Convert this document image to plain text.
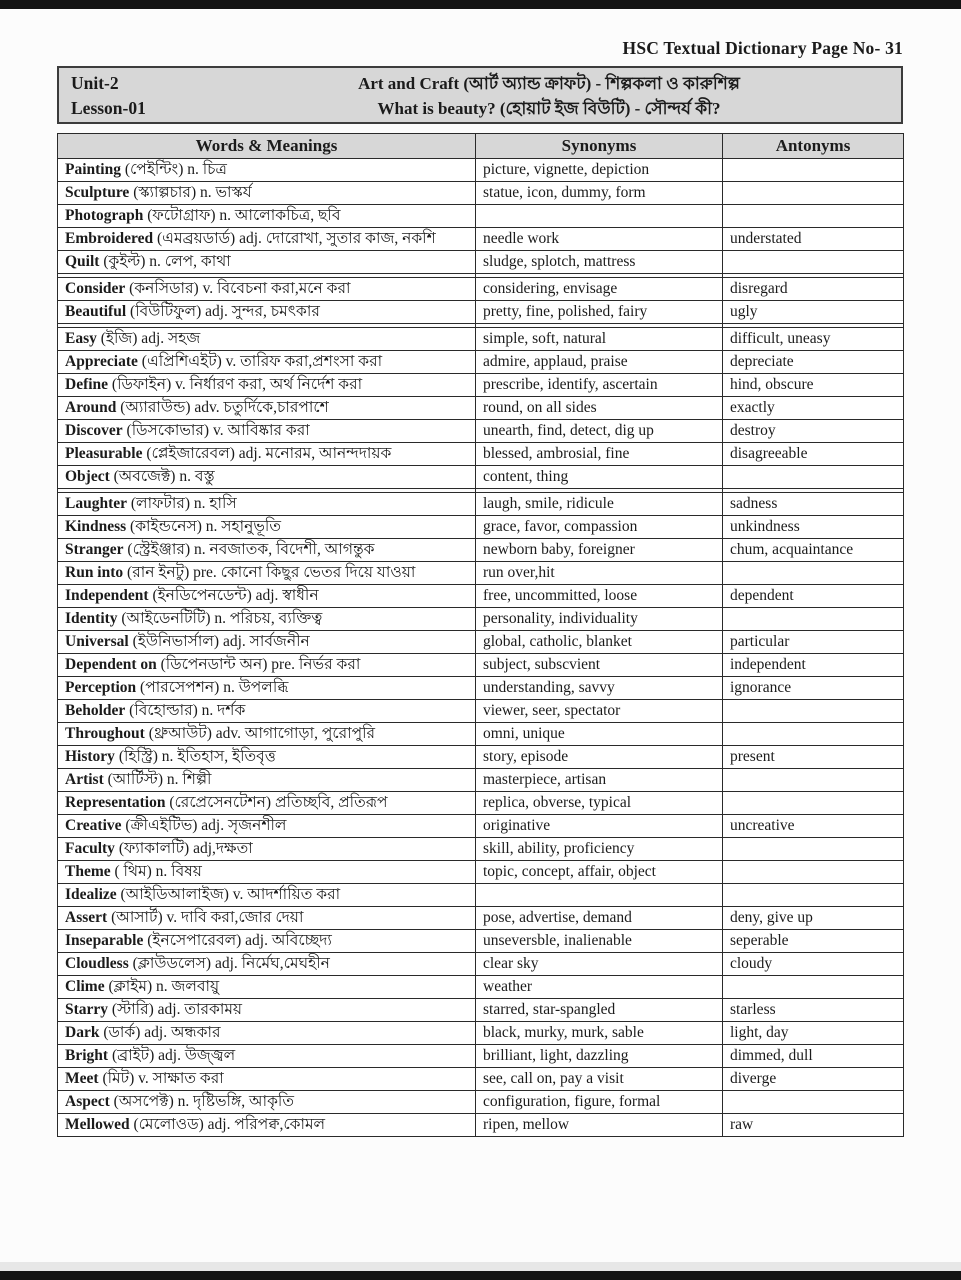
HSC Textual Dictionary Page No- 31
Unit-2
Lesson-01
Art and Craft (আর্ট অ্যান্ড ক্রাফট) - শিল্পকলা ও কারুশিল্প
What is beauty? (হোয়াট ইজ বিউটি) - সৌন্দর্য কী?
Words & Meanings	Synonyms	Antonyms
Painting (পেইন্টিং) n. চিত্র	picture, vignette, depiction	
Sculpture (স্ক্যাল্পচার) n. ভাস্কর্য	statue, icon, dummy, form	
Photograph (ফটোগ্রাফ) n. আলোকচিত্র, ছবি		
Embroidered (এমব্রয়ডার্ড) adj. দোরোখা, সুতার কাজ, নকশি	needle work	understated
Quilt (কুইল্ট) n. লেপ, কাথা	sludge, splotch, mattress	

Consider (কনসিডার) v. বিবেচনা করা,মনে করা	considering, envisage	disregard
Beautiful (বিউটিফুল) adj. সুন্দর, চমৎকার	pretty, fine, polished, fairy	ugly

Easy (ইজি) adj. সহজ	simple, soft, natural	difficult, uneasy
Appreciate (এপ্রিশিএইট) v. তারিফ করা,প্রশংসা করা	admire, applaud, praise	depreciate
Define (ডিফাইন) v. নির্ধারণ করা, অর্থ নির্দেশ করা	prescribe, identify, ascertain	hind, obscure
Around (অ্যারাউন্ড) adv. চতুর্দিকে,চারপাশে	round, on all sides	exactly
Discover (ডিসকোভার) v. আবিষ্কার করা	unearth, find, detect, dig up	destroy
Pleasurable (প্লেইজারেবল) adj. মনোরম, আনন্দদায়ক	blessed, ambrosial, fine	disagreeable
Object (অবজেক্ট) n. বস্তু	content, thing	

Laughter (লাফটার) n. হাসি	laugh, smile, ridicule	sadness
Kindness (কাইন্ডনেস) n. সহানুভূতি	grace, favor, compassion	unkindness
Stranger (স্ট্রেইঞ্জার) n. নবজাতক, বিদেশী, আগন্তুক	newborn baby, foreigner	chum, acquaintance
Run into (রান ইনটু) pre. কোনো কিছুর ভেতর দিয়ে যাওয়া	run over,hit	
Independent (ইনডিপেনডেন্ট) adj. স্বাধীন	free, uncommitted, loose	dependent
Identity (আইডেনটিটি) n. পরিচয়, ব্যক্তিত্ব	personality, individuality	
Universal (ইউনিভার্সাল) adj. সার্বজনীন	global, catholic, blanket	particular
Dependent on (ডিপেনডান্ট অন) pre. নির্ভর করা	subject, subscvient	independent
Perception (পারসেপশন) n. উপলব্ধি	understanding, savvy	ignorance
Beholder (বিহোল্ডার) n. দর্শক	viewer, seer, spectator	
Throughout (থ্রুআউট) adv. আগাগোড়া, পুরোপুরি	omni, unique	
History (হিস্ট্রি) n. ইতিহাস, ইতিবৃত্ত	story, episode	present
Artist (আর্টিস্ট) n. শিল্পী	masterpiece, artisan	
Representation (রেপ্রেসেনটেশন) প্রতিচ্ছবি, প্রতিরূপ	replica, obverse, typical	
Creative (ক্রীএইটিভ) adj. সৃজনশীল	originative	uncreative
Faculty (ফ্যাকালটি) adj,দক্ষতা	skill, ability, proficiency	
Theme ( থিম) n. বিষয়	topic, concept, affair, object	
Idealize (আইডিআলাইজ) v. আদর্শায়িত করা		
Assert (আসার্ট) v. দাবি করা,জোর দেয়া	pose, advertise, demand	deny, give up
Inseparable (ইনসেপারেবল) adj. অবিচ্ছেদ্য	unseversble, inalienable	seperable
Cloudless (ক্লাউডলেস) adj. নির্মেঘ,মেঘহীন	clear sky	cloudy
Clime (ক্লাইম) n. জলবায়ু	weather	
Starry (স্টারি) adj. তারকাময়	starred, star-spangled	starless
Dark (ডার্ক) adj. অন্ধকার	black, murky, murk, sable	light, day
Bright (ব্রাইট) adj. উজ্জ্বল	brilliant, light, dazzling	dimmed, dull
Meet (মিট) v. সাক্ষাত করা	see, call on, pay a visit	diverge
Aspect (অসপেক্ট) n. দৃষ্টিভঙ্গি, আকৃতি	configuration, figure, formal	
Mellowed (মেলোওড) adj. পরিপক্ব,কোমল	ripen, mellow	raw
